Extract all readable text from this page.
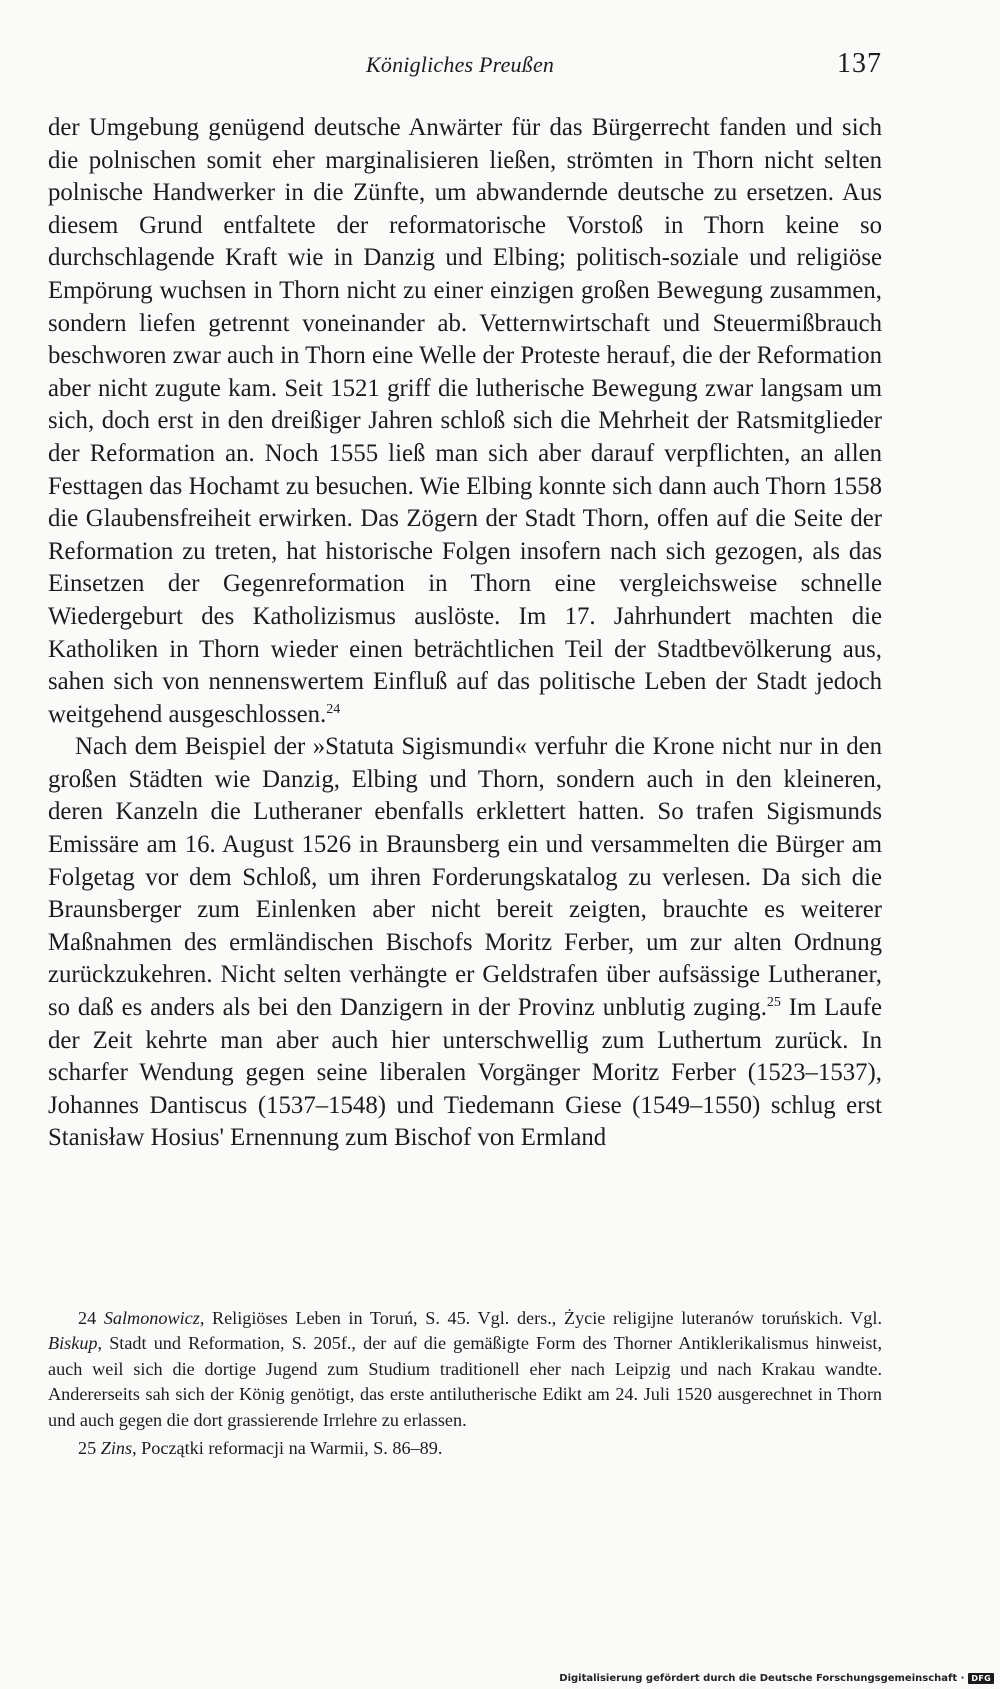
Königliches Preußen	137

der Umgebung genügend deutsche Anwärter für das Bürgerrecht fanden und sich die polnischen somit eher marginalisieren ließen, strömten in Thorn nicht selten polnische Handwerker in die Zünfte, um abwandernde deutsche zu ersetzen. Aus diesem Grund entfaltete der reformatorische Vorstoß in Thorn keine so durchschlagende Kraft wie in Danzig und Elbing; politisch-soziale und religiöse Empörung wuchsen in Thorn nicht zu einer einzigen großen Bewegung zusammen, sondern liefen getrennt voneinander ab. Vetternwirtschaft und Steuermißbrauch beschworen zwar auch in Thorn eine Welle der Proteste herauf, die der Reformation aber nicht zugute kam. Seit 1521 griff die lutherische Bewegung zwar langsam um sich, doch erst in den dreißiger Jahren schloß sich die Mehrheit der Ratsmitglieder der Reformation an. Noch 1555 ließ man sich aber darauf verpflichten, an allen Festtagen das Hochamt zu besuchen. Wie Elbing konnte sich dann auch Thorn 1558 die Glaubensfreiheit erwirken. Das Zögern der Stadt Thorn, offen auf die Seite der Reformation zu treten, hat historische Folgen insofern nach sich gezogen, als das Einsetzen der Gegenreformation in Thorn eine vergleichsweise schnelle Wiedergeburt des Katholizismus auslöste. Im 17. Jahrhundert machten die Katholiken in Thorn wieder einen beträchtlichen Teil der Stadtbevölkerung aus, sahen sich von nennenswertem Einfluß auf das politische Leben der Stadt jedoch weitgehend ausgeschlossen.$^{24}$

Nach dem Beispiel der »Statuta Sigismundi« verfuhr die Krone nicht nur in den großen Städten wie Danzig, Elbing und Thorn, sondern auch in den kleineren, deren Kanzeln die Lutheraner ebenfalls erklettert hatten. So trafen Sigismunds Emissäre am 16. August 1526 in Braunsberg ein und versammelten die Bürger am Folgetag vor dem Schloß, um ihren Forderungskatalog zu verlesen. Da sich die Braunsberger zum Einlenken aber nicht bereit zeigten, brauchte es weiterer Maßnahmen des ermländischen Bischofs Moritz Ferber, um zur alten Ordnung zurückzukehren. Nicht selten verhängte er Geldstrafen über aufsässige Lutheraner, so daß es anders als bei den Danzigern in der Provinz unblutig zuging.$^{25}$ Im Laufe der Zeit kehrte man aber auch hier unterschwellig zum Luthertum zurück. In scharfer Wendung gegen seine liberalen Vorgänger Moritz Ferber (1523–1537), Johannes Dantiscus (1537–1548) und Tiedemann Giese (1549–1550) schlug erst Stanisław Hosius' Ernennung zum Bischof von Ermland

24 Salmonowicz, Religiöses Leben in Toruń, S. 45. Vgl. ders., Życie religijne luteranów toruńskich. Vgl. Biskup, Stadt und Reformation, S. 205f., der auf die gemäßigte Form des Thorner Antiklerikalismus hinweist, auch weil sich die dortige Jugend zum Studium traditionell eher nach Leipzig und nach Krakau wandte. Andererseits sah sich der König genötigt, das erste antilutherische Edikt am 24. Juli 1520 ausgerechnet in Thorn und auch gegen die dort grassierende Irrlehre zu erlassen.

25 Zins, Początki reformacji na Warmii, S. 86–89.

Digitalisierung gefördert durch die Deutsche Forschungsgemeinschaft · DFG
